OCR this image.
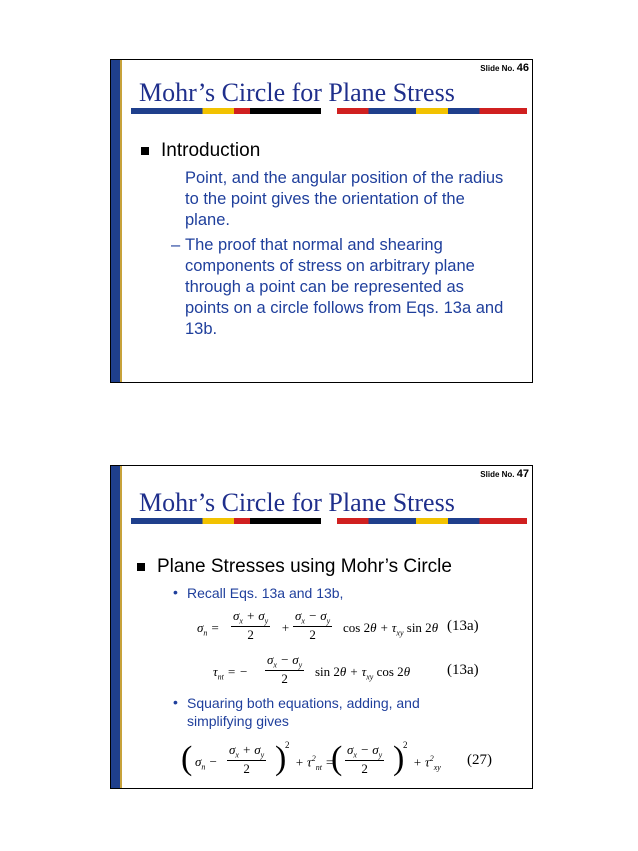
Slide No. 46
Mohr’s Circle for Plane Stress
Introduction
Point, and the angular position of the radius to the point gives the orientation of the plane.
– The proof that normal and shearing components of stress on arbitrary plane through a point can be represented as points on a circle follows from Eqs. 13a and 13b.
Slide No. 47
Mohr’s Circle for Plane Stress
Plane Stresses using Mohr’s Circle
• Recall Eqs. 13a and 13b,
$\sigma_n = \frac{\sigma_x + \sigma_y}{2} + \frac{\sigma_x - \sigma_y}{2}$ $\cos 2\theta + \tau_{xy}$ sin 2θ (13a)
$\tau_{nt}$ = − $\frac{\sigma_x - \sigma_y}{2}$ $\sin 2\theta + \tau_{xy}$ cos 2θ (13a)
• Squaring both equations, adding, and simplifying gives
( $\sigma_n - \frac{\sigma_x + \sigma_y}{2}$ )
2
+ $\tau^2_{nt}$ =
( $\frac{\sigma_x - \sigma_y}{2}$ )
2
+ $\tau^2_{xy}$ (27)
